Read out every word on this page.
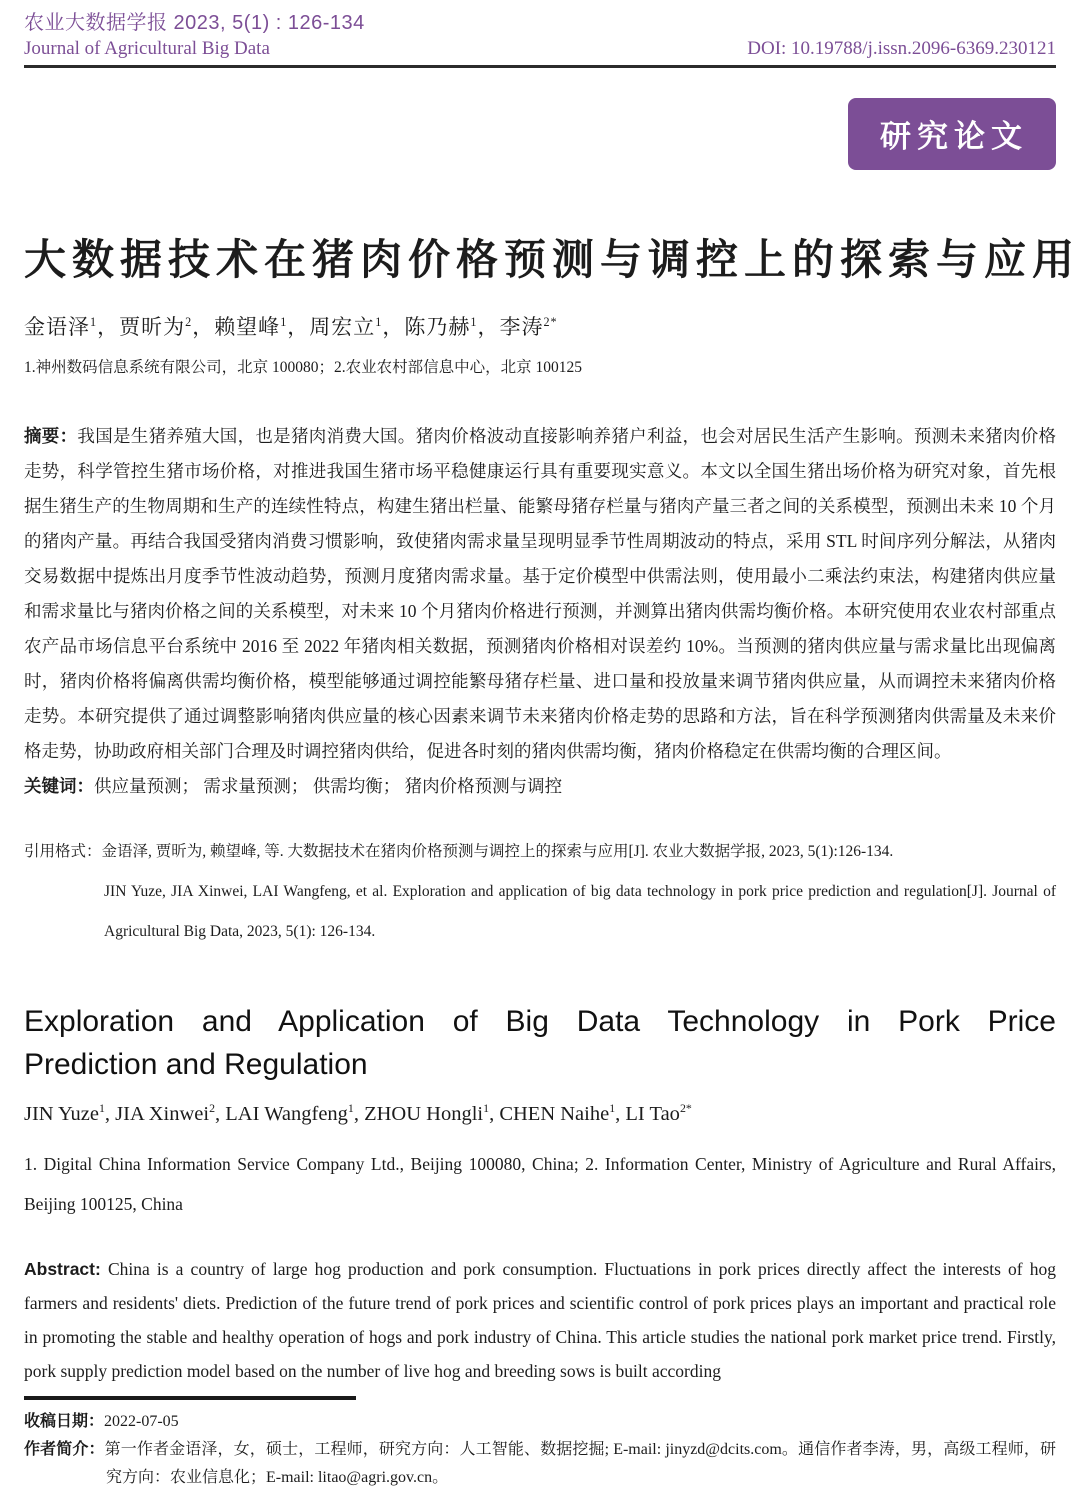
农业大数据学报 2023, 5(1) : 126-134
Journal of Agricultural Big Data	DOI: 10.19788/j.issn.2096-6369.230121
研究论文
大数据技术在猪肉价格预测与调控上的探索与应用
金语泽$^1$，贾昕为$^2$，赖望峰$^1$，周宏立$^1$，陈乃赫$^1$，李涛$^{2*}$
1.神州数码信息系统有限公司，北京 100080；2.农业农村部信息中心，北京 100125

摘要：我国是生猪养殖大国，也是猪肉消费大国。猪肉价格波动直接影响养猪户利益，也会对居民生活产生影响。预测未来猪肉价格走势，科学管控生猪市场价格，对推进我国生猪市场平稳健康运行具有重要现实意义。本文以全国生猪出场价格为研究对象，首先根据生猪生产的生物周期和生产的连续性特点，构建生猪出栏量、能繁母猪存栏量与猪肉产量三者之间的关系模型，预测出未来 10 个月的猪肉产量。再结合我国受猪肉消费习惯影响，致使猪肉需求量呈现明显季节性周期波动的特点，采用 STL 时间序列分解法，从猪肉交易数据中提炼出月度季节性波动趋势，预测月度猪肉需求量。基于定价模型中供需法则，使用最小二乘法约束法，构建猪肉供应量和需求量比与猪肉价格之间的关系模型，对未来 10 个月猪肉价格进行预测，并测算出猪肉供需均衡价格。本研究使用农业农村部重点农产品市场信息平台系统中 2016 至 2022 年猪肉相关数据，预测猪肉价格相对误差约 10%。当预测的猪肉供应量与需求量比出现偏离时，猪肉价格将偏离供需均衡价格，模型能够通过调控能繁母猪存栏量、进口量和投放量来调节猪肉供应量，从而调控未来猪肉价格走势。本研究提供了通过调整影响猪肉供应量的核心因素来调节未来猪肉价格走势的思路和方法，旨在科学预测猪肉供需量及未来价格走势，协助政府相关部门合理及时调控猪肉供给，促进各时刻的猪肉供需均衡，猪肉价格稳定在供需均衡的合理区间。

关键词：供应量预测； 需求量预测； 供需均衡； 猪肉价格预测与调控

引用格式：金语泽, 贾昕为, 赖望峰, 等. 大数据技术在猪肉价格预测与调控上的探索与应用[J]. 农业大数据学报, 2023, 5(1):126-134.
JIN Yuze, JIA Xinwei, LAI Wangfeng, et al. Exploration and application of big data technology in pork price prediction and regulation[J]. Journal of Agricultural Big Data, 2023, 5(1): 126-134.
Exploration and Application of Big Data Technology in Pork Price
Prediction and Regulation
JIN Yuze$^1$, JIA Xinwei$^2$, LAI Wangfeng$^1$, ZHOU Hongli$^1$, CHEN Naihe$^1$, LI Tao$^{2*}$
1. Digital China Information Service Company Ltd., Beijing 100080, China; 2. Information Center, Ministry of Agriculture and Rural Affairs, Beijing 100125, China

Abstract: China is a country of large hog production and pork consumption. Fluctuations in pork prices directly affect the interests of hog farmers and residents' diets. Prediction of the future trend of pork prices and scientific control of pork prices plays an important and practical role in promoting the stable and healthy operation of hogs and pork industry of China. This article studies the national pork market price trend. Firstly, pork supply prediction model based on the number of live hog and breeding sows is built according

收稿日期：2022-07-05
作者简介：第一作者金语泽，女，硕士，工程师，研究方向：人工智能、数据挖掘; E-mail: jinyzd@dcits.com。通信作者李涛，男，高级工程师，研究方向：农业信息化；E-mail: litao@agri.gov.cn。
